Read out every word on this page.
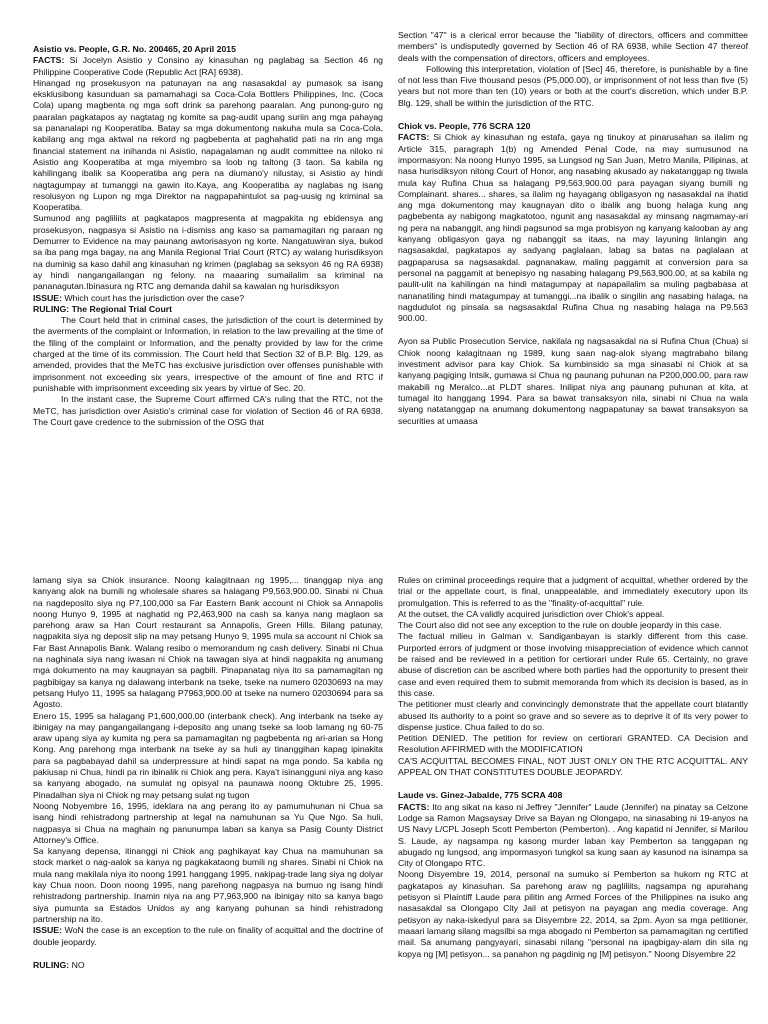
Asistio vs. People, G.R. No. 200465, 20 April 2015

FACTS: Si Jocelyn Asistio y Consino ay kinasuhan ng paglabag sa Section 46 ng Philippine Cooperative Code (Republic Act [RA] 6938).

Hinangad ng prosekusyon na patunayan na ang nasasakdal ay pumasok sa isang eksklusibong kasunduan sa pamamahagi sa Coca-Cola Bottlers Philippines, Inc. (Coca Cola) upang magbenta ng mga soft drink sa parehong paaralan. Ang punong-guro ng paaralan pagkatapos ay nagtatag ng komite sa pag-audit upang suriin ang mga pahayag sa pananalapi ng Kooperatiba. Batay sa mga dokumentong nakuha mula sa Coca-Cola, kabilang ang mga aktwal na rekord ng pagbebenta at paghahatid pati na rin ang mga financial statement na inihanda ni Asistio, napagalaman ng audit committee na niloko ni Asistio ang Kooperatiba at mga miyembro sa loob ng taltong (3 taon. Sa kabila ng kahilingang ibalik sa Kooperatiba ang pera na diumano'y nilustay, si Asistio ay hindi nagtagumpay at tumanggi na gawin ito.Kaya, ang Kooperatiba ay naglabas ng isang resolusyon ng Lupon ng mga Direktor na nagpapahintulot sa pag-uusig ng kriminal sa Kooperatiba.

Sumunod ang pagliliits at pagkatapos magpresenta at magpakita ng ebidensya ang prosekusyon, nagpasya si Asistio na i-dismiss ang kaso sa pamamagitan ng paraan ng Demurrer to Evidence na may paunang awtorisasyon ng korte. Nangatuwiran siya, bukod sa iba pang mga bagay, na ang Manila Regional Trial Court (RTC) ay walang hurisdiksyon na duminig sa kaso dahil ang kinasuhan ng krimen (paglabag sa seksyon 46 ng RA 6938) ay hindi nangangailangan ng felony. na maaaring sumailalim sa kriminal na pananagutan.Ibinasura ng RTC ang demanda dahil sa kawalan ng hurisdiksyon

ISSUE: Which court has the jurisdiction over the case?

RULING: The Regional Trial Court

The Court held that in criminal cases, the jurisdiction of the court is determined by the averments of the complaint or Information, in relation to the law prevailing at the time of the filing of the complaint or Information, and the penalty provided by law for the crime charged at the time of its commission. The Court held that Section 32 of B.P. Blg. 129, as amended, provides that the MeTC has exclusive jurisdiction over offenses punishable with imprisonment not exceeding six years, irrespective of the amount of fine and RTC if punishable with imprisonment exceeding six years by virtue of Sec. 20.

In the instant case, the Supreme Court affirmed CA's ruling that the RTC, not the MeTC, has jurisdiction over Asistio's criminal case for violation of Section 46 of RA 6938. The Court gave credence to the submission of the OSG that

Section "47" is a clerical error because the "liability of directors, officers and committee members" is undisputedly governed by Section 46 of RA 6938, while Section 47 thereof deals with the compensation of directors, officers and employees.

Following this interpretation, violation of [Sec] 46, therefore, is punishable by a fine of not less than Five thousand pesos (P5,000.00), or imprisonment of not less than five (5) years but not more than ten (10) years or both at the court's discretion, which under B.P. Blg. 129, shall be within the jurisdiction of the RTC.

Chiok vs. People, 776 SCRA 120

FACTS: Si Chiok ay kinasuhan ng estafa, gaya ng tinukoy at pinarusahan sa ilalim ng Article 315, paragraph 1(b) ng Amended Penal Code, na may sumusunod na impormasyon: Na noong Hunyo 1995, sa Lungsod ng San Juan, Metro Manila, Pilipinas, at nasa hurisdiksyon nitong Court of Honor, ang nasabing akusado ay nakatanggap ng tiwala mula kay Rufina Chua sa halagang P9,563,900.00 para payagan siyang bumili ng Complainant. shares... shares, sa ilalim ng hayagang obligasyon ng nasasakdal na ihatid ang mga dokumentong may kaugnayan dito o ibalik ang buong halaga kung ang pagbebenta ay nabigong magkatotoo, ngunit ang nasasakdal ay minsang nagmamay-ari ng pera na nabanggit, ang hindi pagsunod sa mga probisyon ng kanyang kalooban ay ang kanyang obligasyon gaya ng nabanggit sa itaas, na may layuning linlangin ang nagsasakdal, pagkatapos ay sadyang paglalaan, labag sa batas na paglalaan at pagpaparusa sa nagsasakdal. pagnanakaw, maling paggamit at conversion para sa personal na paggamit at benepisyo ng nasabing halagang P9,563,900.00, at sa kabila ng paulit-ulit na kahilingan na hindi matagumpay at napapailalim sa muling pagbabasa at nananatiling hindi matagumpay at tumanggi...na ibalik o singilin ang nasabing halaga, na nagdudulot ng pinsala sa nagsasakdal Rufina Chua ng nasabing halaga na P9.563 900.00.

Ayon sa Public Prosecution Service, nakilala ng nagsasakdal na si Rufina Chua (Chua) si Chiok noong kalagitnaan ng 1989, kung saan nag-alok siyang magtrabaho bilang investment advisor para kay Chiok. Sa kumbinsido sa mga sinasabi ni Chiok at sa kanyang pagiging Intsik, gumawa si Chua ng paunang puhunan na P200,000.00, para raw makabili ng Meralco...at PLDT shares. Inilipat niya ang paunang puhunan at kita, at tumagal ito hanggang 1994. Para sa bawat transaksyon nila, sinabi ni Chua na wala siyang natatanggap na anumang dokumentong nagpapatunay sa bawat transaksyon sa securities at umaasa

lamang siya sa Chiok insurance. Noong kalagitnaan ng 1995,... tinanggap niya ang kanyang alok na bumili ng wholesale shares sa halagang P9,563,900.00. Sinabi ni Chua na nagdeposito siya ng P7,100,000 sa Far Eastern Bank account ni Chiok sa Annapolis noong Hunyo 9, 1995 at naghatid ng P2,463,900 na cash sa kanya nang maglaon sa parehong araw sa Han Court restaurant sa Annapolis, Green Hills. Bilang patunay, nagpakita siya ng deposit slip na may petsang Hunyo 9, 1995 mula sa account ni Chiok sa Far Bast Annapolis Bank. Walang resibo o memorandum ng cash delivery. Sinabi ni Chua na naghinala siya nang iwasan ni Chiok na tawagan siya at hindi nagpakita ng anumang mga dokumento na may kaugnayan sa pagbili. Pinapanatag niya ito sa pamamagitan ng pagbibigay sa kanya ng dalawang interbank na tseke, tseke na numero 02030693 na may petsang Hulyo 11, 1995 sa halagang P7963,900.00 at tseke na numero 02030694 para sa Agosto.

Enero 15, 1995 sa halagang P1,600,000.00 (interbank check). Ang interbank na tseke ay ibinigay na may pangangailangang i-deposito ang unang tseke sa loob lamang ng 60-75 araw upang siya ay kumita ng pera sa pamamagitan ng pagbebenta ng ari-arian sa Hong Kong. Ang parehong mga interbank na tseke ay sa huli ay tinanggihan kapag ipinakita para sa pagbabayad dahil sa underpressure at hindi sapat na mga pondo. Sa kabila ng pakiusap ni Chua, hindi pa rin ibinalik ni Chiok ang pera. Kaya't isinangguni niya ang kaso sa kanyang abogado, na sumulat ng opisyal na paunawa noong Oktubre 25, 1995. Pinadalhan siya ni Chiok ng may petsang sulat ng tugon

Noong Nobyembre 16, 1995, ideklara na ang perang ito ay pamumuhunan ni Chua sa isang hindi rehistradong partnership at legal na namuhunan sa Yu Que Ngo. Sa huli, nagpasya si Chua na maghain ng panunumpa laban sa kanya sa Pasig County District Attorney's Office.

Sa kanyang depensa, itinanggi ni Chiok ang paghikayat kay Chua na mamuhunan sa stock market o nag-aalok sa kanya ng pagkakataong bumili ng shares. Sinabi ni Chiok na mula nang makilala niya ito noong 1991 hanggang 1995, nakipag-trade lang siya ng dolyar kay Chua noon. Doon noong 1995, nang parehong nagpasya na bumuo ng isang hindi rehistradong partnership. Inamin niya na ang P7,963,900 na ibinigay nito sa kanya bago siya pumunta sa Estados Unidos ay ang kanyang puhunan sa hindi rehistradong partnership na ito.

ISSUE: WoN the case is an exception to the rule on finality of acquittal and the doctrine of double jeopardy.

RULING: NO

Rules on criminal proceedings require that a judgment of acquittal, whether ordered by the trial or the appellate court, is final, unappealable, and immediately executory upon its promulgation. This is referred to as the "finality-of-acquittal" rule.

At the outset, the CA validly acquired jurisdiction over Chiok's appeal.

The Court also did not see any exception to the rule on double jeopardy in this case.

The factual milieu in Galman v. Sandiganbayan is starkly different from this case. Purported errors of judgment or those involving misappreciation of evidence which cannot be raised and be reviewed in a petition for certiorari under Rule 65. Certainly, no grave abuse of discretion can be ascribed where both parties had the opportunity to present their case and even required them to submit memoranda from which its decision is based, as in this case.

The petitioner must clearly and convincingly demonstrate that the appellate court blatantly abused its authority to a point so grave and so severe as to deprive it of its very power to dispense justice. Chua failed to do so.

Petition DENIED. The petition for review on certiorari GRANTED. CA Decision and Resolution AFFIRMED with the MODIFICATION

CA'S ACQUITTAL BECOMES FINAL, NOT JUST ONLY ON THE RTC ACQUITTAL. ANY APPEAL ON THAT CONSTITUTES DOUBLE JEOPARDY.

Laude vs. Ginez-Jabalde, 775 SCRA 408

FACTS: Ito ang sikat na kaso ni Jeffrey "Jennifer" Laude (Jennifer) na pinatay sa Celzone Lodge sa Ramon Magsaysay Drive sa Bayan ng Olongapo, na sinasabing ni 19-anyos na US Navy L/CPL Joseph Scott Pemberton (Pemberton). . Ang kapatid ni Jennifer, si Marilou S. Laude, ay nagsampa ng kasong murder laban kay Pemberton sa tanggapan ng abugado ng lungsod, ang impormasyon tungkol sa kung saan ay kasunod na isinampa sa City of Olongapo RTC.

Noong Disyembre 19, 2014, personal na sumuko si Pemberton sa hukom ng RTC at pagkatapos ay kinasuhan. Sa parehong araw ng pagliliits, nagsampa ng apurahang petisyon si Plaintiff Laude para pilitin ang Armed Forces of the Philippines na isuko ang nasasakdal sa Olongapo City Jail at petisyon na payagan ang media coverage. Ang petisyon ay naka-iskedyul para sa Disyembre 22, 2014, sa 2pm. Ayon sa mga petitioner, maaari lamang silang magsilbi sa mga abogado ni Pemberton sa pamamagitan ng certified mail. Sa anumang pangyayari, sinasabi nilang "personal na ipagbigay-alam din sila ng kopya ng [M] petisyon... sa panahon ng pagdinig ng [M] petisyon." Noong Disyembre 22
